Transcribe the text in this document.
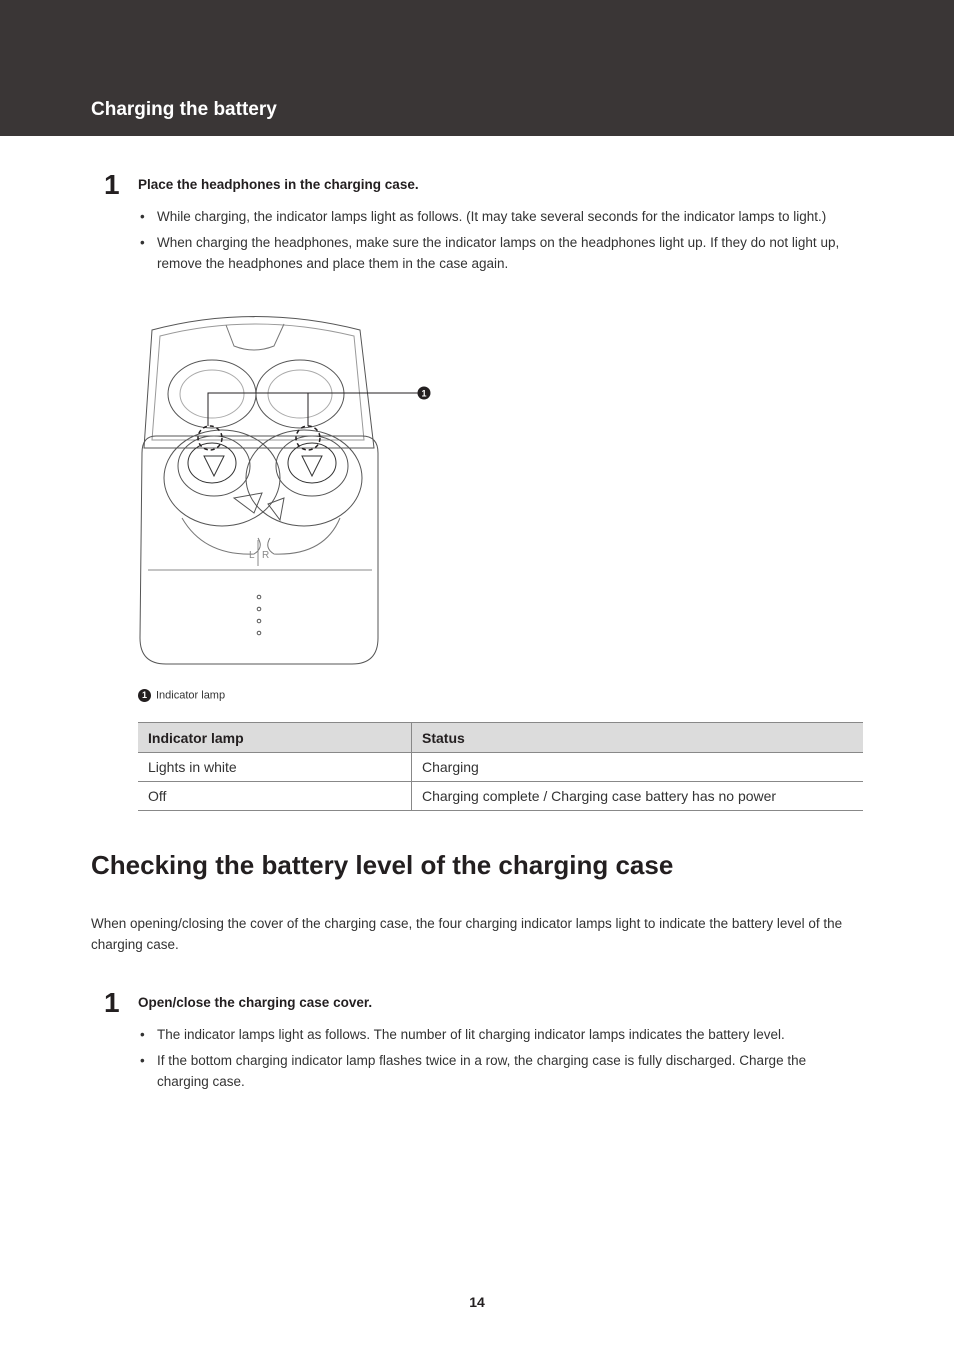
Charging the battery
1 Place the headphones in the charging case.
• While charging, the indicator lamps light as follows. (It may take several seconds for the indicator lamps to light.)
• When charging the headphones, make sure the indicator lamps on the headphones light up. If they do not light up, remove the headphones and place them in the case again.
L R
1
1 Indicator lamp
Indicator lamp	Status
Lights in white	Charging
Off	Charging complete / Charging case battery has no power
Checking the battery level of the charging case

When opening/closing the cover of the charging case, the four charging indicator lamps light to indicate the battery level of the charging case.

1 Open/close the charging case cover.
• The indicator lamps light as follows. The number of lit charging indicator lamps indicates the battery level.
• If the bottom charging indicator lamp flashes twice in a row, the charging case is fully discharged. Charge the charging case.
14
